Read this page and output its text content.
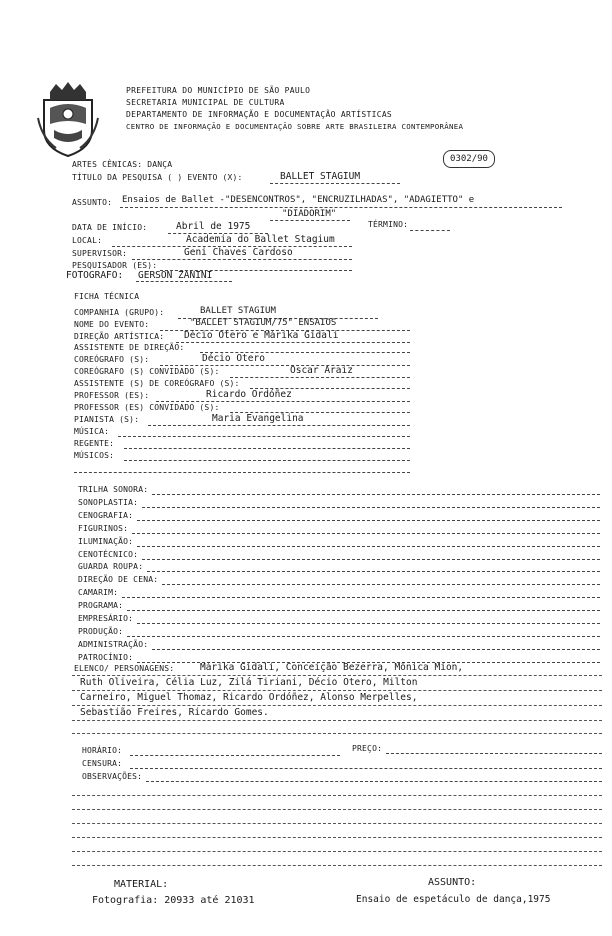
PREFEITURA DO MUNICÍPIO DE SÃO PAULO
SECRETARIA MUNICIPAL DE CULTURA
DEPARTAMENTO DE INFORMAÇÃO E DOCUMENTAÇÃO ARTÍSTICAS
CENTRO DE INFORMAÇÃO E DOCUMENTAÇÃO SOBRE ARTE BRASILEIRA CONTEMPORÂNEA
0302/90
ARTES CÊNICAS: DANÇA
TÍTULO DA PESQUISA ( ) EVENTO (X):	BALLET STAGIUM
ASSUNTO: Ensaios de Ballet -"DESENCONTROS", "ENCRUZILHADAS", "ADAGIETTO" e
"DIADORIM"
DATA DE INÍCIO:	Abril de 1975	TÉRMINO:
LOCAL:	Academia do Ballet Stagium
SUPERVISOR:	Geni Chaves Cardoso
PESQUISADOR (ES):
FOTOGRAFO: GERSON ZANINI
FICHA TÉCNICA
COMPANHIA (GRUPO):	BALLET STAGIUM
NOME DO EVENTO:	"BALLET STAGIUM/75" ENSAIOS
DIREÇÃO ARTÍSTICA: Décio Otero e Márika Gidali
ASSISTENTE DE DIREÇÃO:
COREÓGRAFO (S):	Décio Otero
COREÓGRAFO (S) CONVIDADO (S):	Oscar Araiz
ASSISTENTE (S) DE COREÓGRAFO (S):
PROFESSOR (ES):	Ricardo Ordóñez
PROFESSOR (ES) CONVIDADO (S):
PIANISTA (S):	Maria Evangelina
MÚSICA:
REGENTE:
MÚSICOS:
TRILHA SONORA:
SONOPLASTIA:
CENOGRAFIA:
FIGURINOS:
ILUMINAÇÃO:
CENOTÉCNICO:
GUARDA ROUPA:
DIREÇÃO DE CENA:
CAMARIM:
PROGRAMA:
EMPRESÁRIO:
PRODUÇÃO:
ADMINISTRAÇÃO:
PATROCÍNIO:
ELENCO/ PERSONAGENS:	Márika Gidali, Conceição Bezerra, Mônica Mion,
Ruth Oliveira, Célia Luz, Zilá Tiriani, Décio Otero, Milton
Carneiro, Miguel Thomaz, Ricardo Ordóñez, Alonso Merpelles,
Sebastião Freires, Ricardo Gomes.
HORÁRIO:	PREÇO:
CENSURA:
OBSERVAÇÕES:
MATERIAL:
Fotografia: 20933 até 21031
ASSUNTO:
Ensaio de espetáculo de dança,1975
